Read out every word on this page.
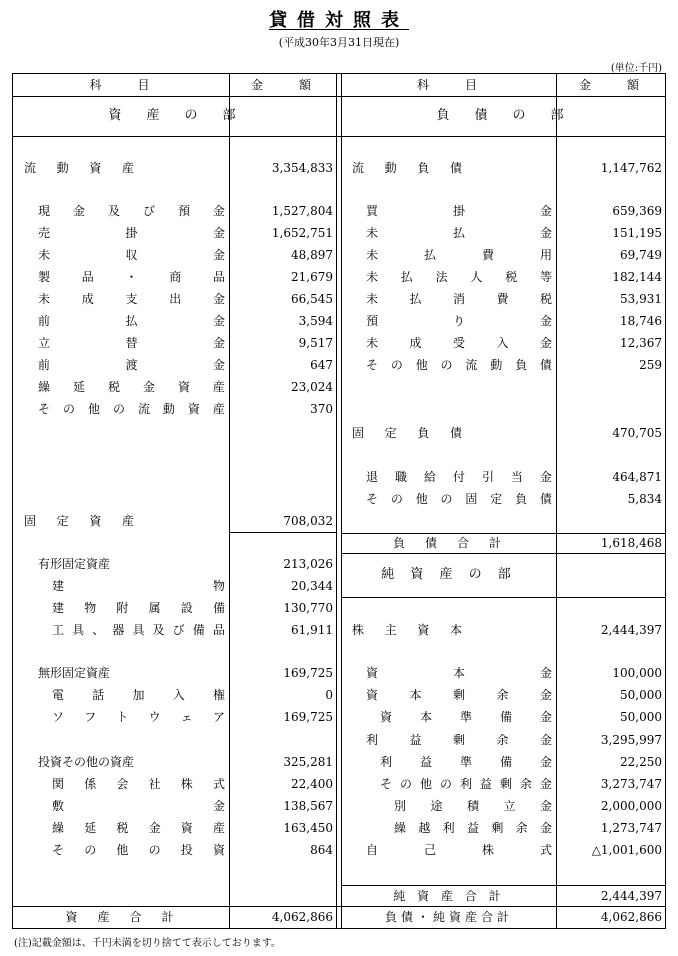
貸借対照表
(平成30年3月31日現在)
(単位:千円)
科　　目	金　　額	科　　目	金　　額
資　産　の　部	負　債　の　部
純 資 産 の 部
流 動 資 産	3,354,833
現 金 及 び 預 金	1,527,804
売	掛	金	1,652,751
未	収	金	48,897
製	品	・	商	品	21,679
未	成	支	出	金	66,545
前	払	金	3,594
立	替	金	9,517
前	渡	金	647
繰 延 税 金 資 産	23,024
そ の 他 の 流 動 資 産	370
固 定 資 産	708,032
有形固定資産	213,026
建	物	20,344
建 物 附 属 設 備	130,770
工 具 、 器 具 及 び 備 品	61,911
無形固定資産	169,725
電 話 加 入 権	0
ソ フ ト ウ ェ ア	169,725
投資その他の資産	325,281
関 係 会 社 株 式	22,400
敷	金	138,567
繰 延 税 金 資 産	163,450
そ の 他 の 投 資	864
流 動 負 債	1,147,762
買	掛	金	659,369
未	払	金	151,195
未	払	費	用	69,749
未 払 法 人 税 等	182,144
未	払	消	費	税	53,931
預	り	金	18,746
未	成	受	入	金	12,367
そ の 他 の 流 動 負 債	259
固 定 負 債	470,705
退 職 給 付 引 当 金	464,871
そ の 他 の 固 定 負 債	5,834
株 主 資 本	2,444,397
資	本	金	100,000
資	本	剰	余	金	50,000
資 本 準 備 金	50,000
利	益	剰	余	金	3,295,997
利 益 準 備 金	22,250
そ の 他 の 利 益 剰 余 金	3,273,747
別 途 積 立 金	2,000,000
繰 越 利 益 剰 余 金	1,273,747
自	己	株	式	△1,001,600
負　債　合　計	1,618,468
純 資 産 合 計	2,444,397
資　産　合　計	4,062,866	負債・純資産合計	4,062,866
(注)記載金額は、千円未満を切り捨てて表示しております。
